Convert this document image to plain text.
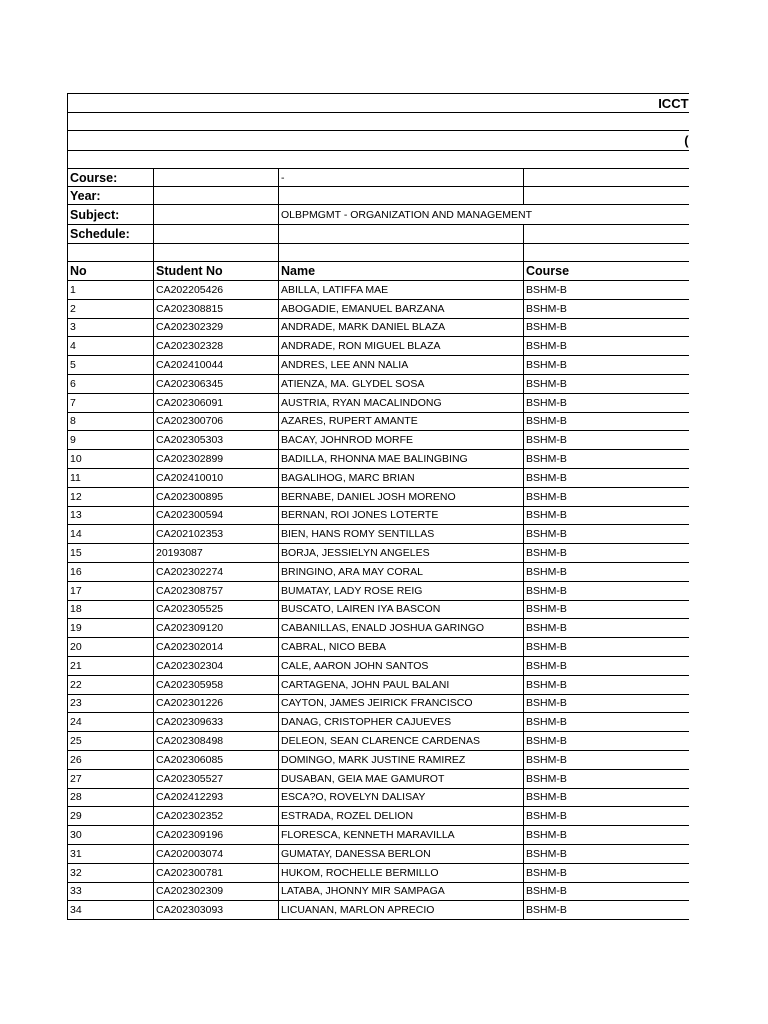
ICCT			

(			

Course:		-	
Year:			
Subject:		OLBPMGMT - ORGANIZATION AND MANAGEMENT	
Schedule:			

No	Student No	Name	Course
1	CA202205426	ABILLA, LATIFFA MAE	BSHM-B
2	CA202308815	ABOGADIE, EMANUEL BARZANA	BSHM-B
3	CA202302329	ANDRADE, MARK DANIEL BLAZA	BSHM-B
4	CA202302328	ANDRADE, RON MIGUEL BLAZA	BSHM-B
5	CA202410044	ANDRES, LEE ANN NALIA	BSHM-B
6	CA202306345	ATIENZA, MA. GLYDEL SOSA	BSHM-B
7	CA202306091	AUSTRIA, RYAN MACALINDONG	BSHM-B
8	CA202300706	AZARES, RUPERT AMANTE	BSHM-B
9	CA202305303	BACAY, JOHNROD MORFE	BSHM-B
10	CA202302899	BADILLA, RHONNA MAE BALINGBING	BSHM-B
11	CA202410010	BAGALIHOG, MARC BRIAN	BSHM-B
12	CA202300895	BERNABE, DANIEL JOSH MORENO	BSHM-B
13	CA202300594	BERNAN, ROI JONES LOTERTE	BSHM-B
14	CA202102353	BIEN, HANS ROMY SENTILLAS	BSHM-B
15	20193087	BORJA, JESSIELYN ANGELES	BSHM-B
16	CA202302274	BRINGINO, ARA MAY CORAL	BSHM-B
17	CA202308757	BUMATAY, LADY ROSE REIG	BSHM-B
18	CA202305525	BUSCATO, LAIREN IYA BASCON	BSHM-B
19	CA202309120	CABANILLAS, ENALD JOSHUA GARINGO	BSHM-B
20	CA202302014	CABRAL, NICO BEBA	BSHM-B
21	CA202302304	CALE, AARON JOHN SANTOS	BSHM-B
22	CA202305958	CARTAGENA, JOHN PAUL BALANI	BSHM-B
23	CA202301226	CAYTON, JAMES JEIRICK FRANCISCO	BSHM-B
24	CA202309633	DANAG, CRISTOPHER CAJUEVES	BSHM-B
25	CA202308498	DELEON, SEAN CLARENCE CARDENAS	BSHM-B
26	CA202306085	DOMINGO, MARK JUSTINE RAMIREZ	BSHM-B
27	CA202305527	DUSABAN, GEIA MAE GAMUROT	BSHM-B
28	CA202412293	ESCA?O, ROVELYN DALISAY	BSHM-B
29	CA202302352	ESTRADA, ROZEL DELION	BSHM-B
30	CA202309196	FLORESCA, KENNETH MARAVILLA	BSHM-B
31	CA202003074	GUMATAY, DANESSA BERLON	BSHM-B
32	CA202300781	HUKOM, ROCHELLE BERMILLO	BSHM-B
33	CA202302309	LATABA, JHONNY MIR SAMPAGA	BSHM-B
34	CA202303093	LICUANAN, MARLON APRECIO	BSHM-B
